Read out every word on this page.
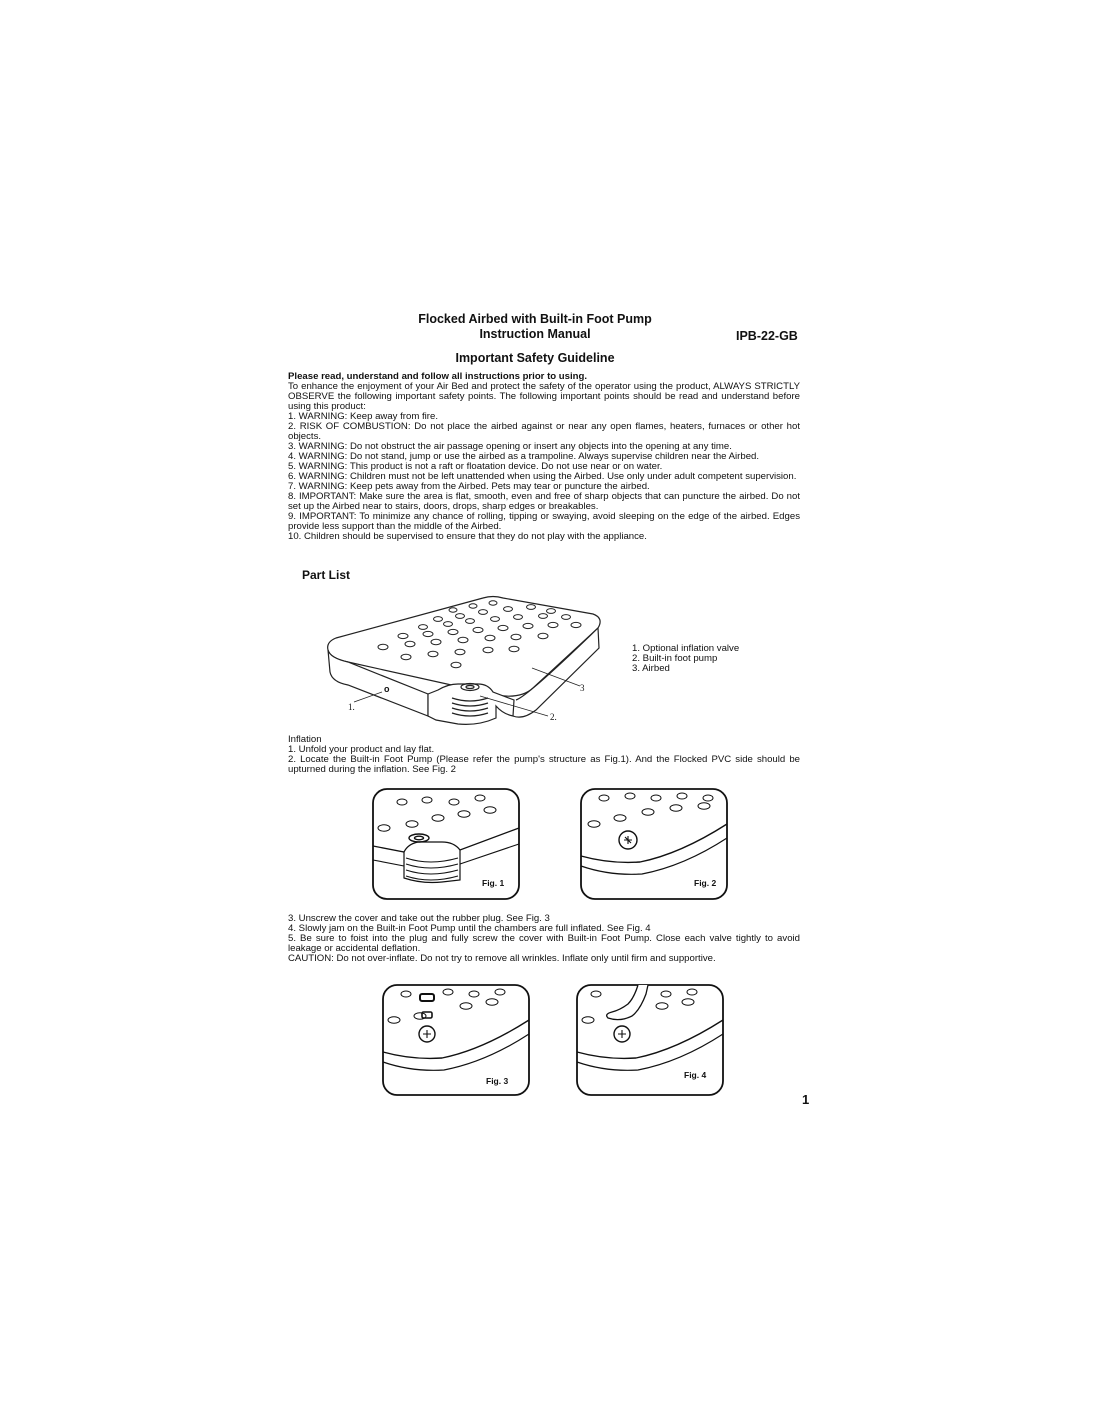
Flocked Airbed with Built-in Foot Pump
Instruction Manual	IPB-22-GB
Important Safety Guideline
Please read, understand and follow all instructions prior to using.
To enhance the enjoyment of your Air Bed and protect the safety of the operator using the product, ALWAYS STRICTLY OBSERVE the following important safety points. The following important points should be read and understand before using this product:
1. WARNING: Keep away from fire.
2. RISK OF COMBUSTION: Do not place the airbed against or near any open flames, heaters, furnaces or other hot objects.
3. WARNING: Do not obstruct the air passage opening or insert any objects into the opening at any time.
4. WARNING: Do not stand, jump or use the airbed as a trampoline. Always supervise children near the Airbed.
5. WARNING: This product is not a raft or floatation device. Do not use near or on water.
6. WARNING: Children must not be left unattended when using the Airbed. Use only under adult competent supervision.
7. WARNING: Keep pets away from the Airbed. Pets may tear or puncture the airbed.
8. IMPORTANT: Make sure the area is flat, smooth, even and free of sharp objects that can puncture the airbed. Do not set up the Airbed near to stairs, doors, drops, sharp edges or breakables.
9. IMPORTANT: To minimize any chance of rolling, tipping or swaying, avoid sleeping on the edge of the airbed. Edges provide less support than the middle of the Airbed.
10. Children should be supervised to ensure that they do not play with the appliance.
Part List
o
1.
2.
3
1. Optional inflation valve
2. Built-in foot pump
3. Airbed
Inflation
1. Unfold your product and lay flat.
2. Locate the Built-in Foot Pump (Please refer the pump's structure as Fig.1). And the Flocked PVC side should be upturned during the inflation. See Fig. 2
Fig. 1	Fig. 2
3. Unscrew the cover and take out the rubber plug. See Fig. 3
4. Slowly jam on the Built-in Foot Pump until the chambers are full inflated. See Fig. 4
5. Be sure to foist into the plug and fully screw the cover with Built-in Foot Pump. Close each valve tightly to avoid leakage or accidental deflation.
CAUTION: Do not over-inflate. Do not try to remove all wrinkles. Inflate only until firm and supportive.
Fig. 3
Fig. 4
1
